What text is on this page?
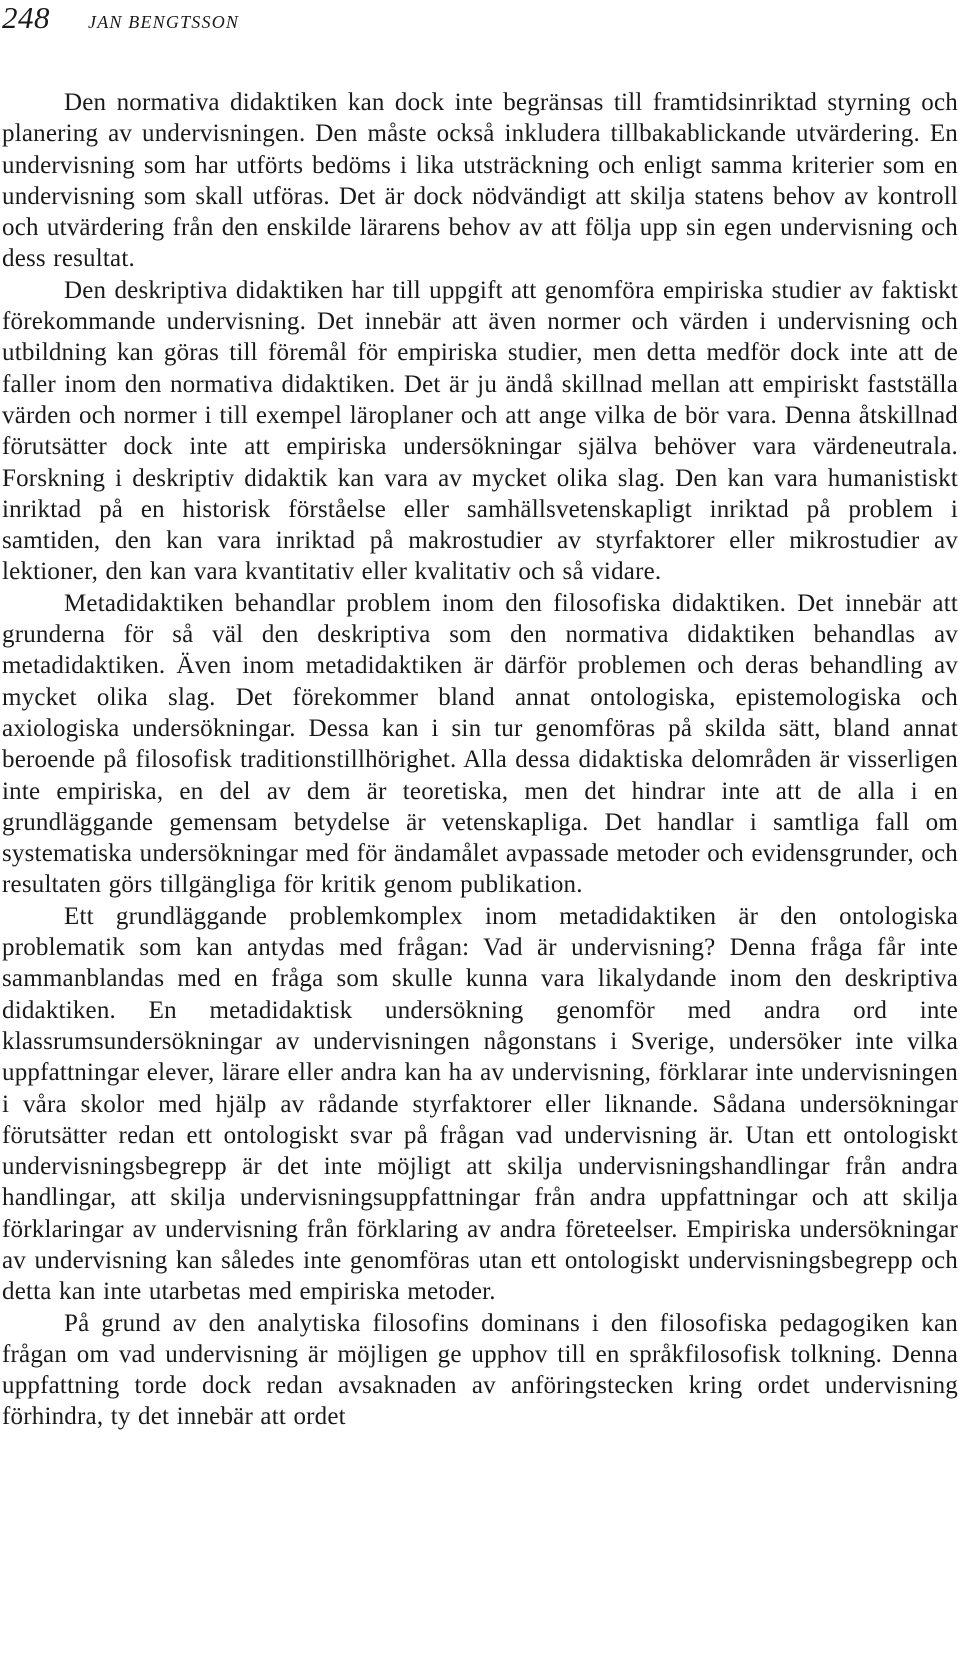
248 JAN BENGTSSON

Den normativa didaktiken kan dock inte begränsas till framtidsinriktad styrning och planering av undervisningen. Den måste också inkludera tillbakablickande utvärdering. En undervisning som har utförts bedöms i lika utsträckning och enligt samma kriterier som en undervisning som skall utföras. Det är dock nödvändigt att skilja statens behov av kontroll och utvärdering från den enskilde lärarens behov av att följa upp sin egen undervisning och dess resultat.

Den deskriptiva didaktiken har till uppgift att genomföra empiriska studier av faktiskt förekommande undervisning. Det innebär att även normer och värden i undervisning och utbildning kan göras till föremål för empiriska studier, men detta medför dock inte att de faller inom den normativa didaktiken. Det är ju ändå skillnad mellan att empiriskt fastställa värden och normer i till exempel läroplaner och att ange vilka de bör vara. Denna åtskillnad förutsätter dock inte att empiriska undersökningar själva behöver vara värdeneutrala. Forskning i deskriptiv didaktik kan vara av mycket olika slag. Den kan vara humanistiskt inriktad på en historisk förståelse eller samhällsvetenskapligt inriktad på problem i samtiden, den kan vara inriktad på makrostudier av styrfaktorer eller mikrostudier av lektioner, den kan vara kvantitativ eller kvalitativ och så vidare.

Metadidaktiken behandlar problem inom den filosofiska didaktiken. Det innebär att grunderna för så väl den deskriptiva som den normativa didaktiken behandlas av metadidaktiken. Även inom metadidaktiken är därför problemen och deras behandling av mycket olika slag. Det förekommer bland annat ontologiska, epistemologiska och axiologiska undersökningar. Dessa kan i sin tur genomföras på skilda sätt, bland annat beroende på filosofisk traditionstillhörighet. Alla dessa didaktiska delområden är visserligen inte empiriska, en del av dem är teoretiska, men det hindrar inte att de alla i en grundläggande gemensam betydelse är vetenskapliga. Det handlar i samtliga fall om systematiska undersökningar med för ändamålet avpassade metoder och evidensgrunder, och resultaten görs tillgängliga för kritik genom publikation.

Ett grundläggande problemkomplex inom metadidaktiken är den ontologiska problematik som kan antydas med frågan: Vad är undervisning? Denna fråga får inte sammanblandas med en fråga som skulle kunna vara likalydande inom den deskriptiva didaktiken. En metadidaktisk undersökning genomför med andra ord inte klassrumsundersökningar av undervisningen någonstans i Sverige, undersöker inte vilka uppfattningar elever, lärare eller andra kan ha av undervisning, förklarar inte undervisningen i våra skolor med hjälp av rådande styrfaktorer eller liknande. Sådana undersökningar förutsätter redan ett ontologiskt svar på frågan vad undervisning är. Utan ett ontologiskt undervisningsbegrepp är det inte möjligt att skilja undervisningshandlingar från andra handlingar, att skilja undervisningsuppfattningar från andra uppfattningar och att skilja förklaringar av undervisning från förklaring av andra företeelser. Empiriska undersökningar av undervisning kan således inte genomföras utan ett ontologiskt undervisningsbegrepp och detta kan inte utarbetas med empiriska metoder.

På grund av den analytiska filosofins dominans i den filosofiska pedagogiken kan frågan om vad undervisning är möjligen ge upphov till en språkfilosofisk tolkning. Denna uppfattning torde dock redan avsaknaden av anföringstecken kring ordet undervisning förhindra, ty det innebär att ordet
